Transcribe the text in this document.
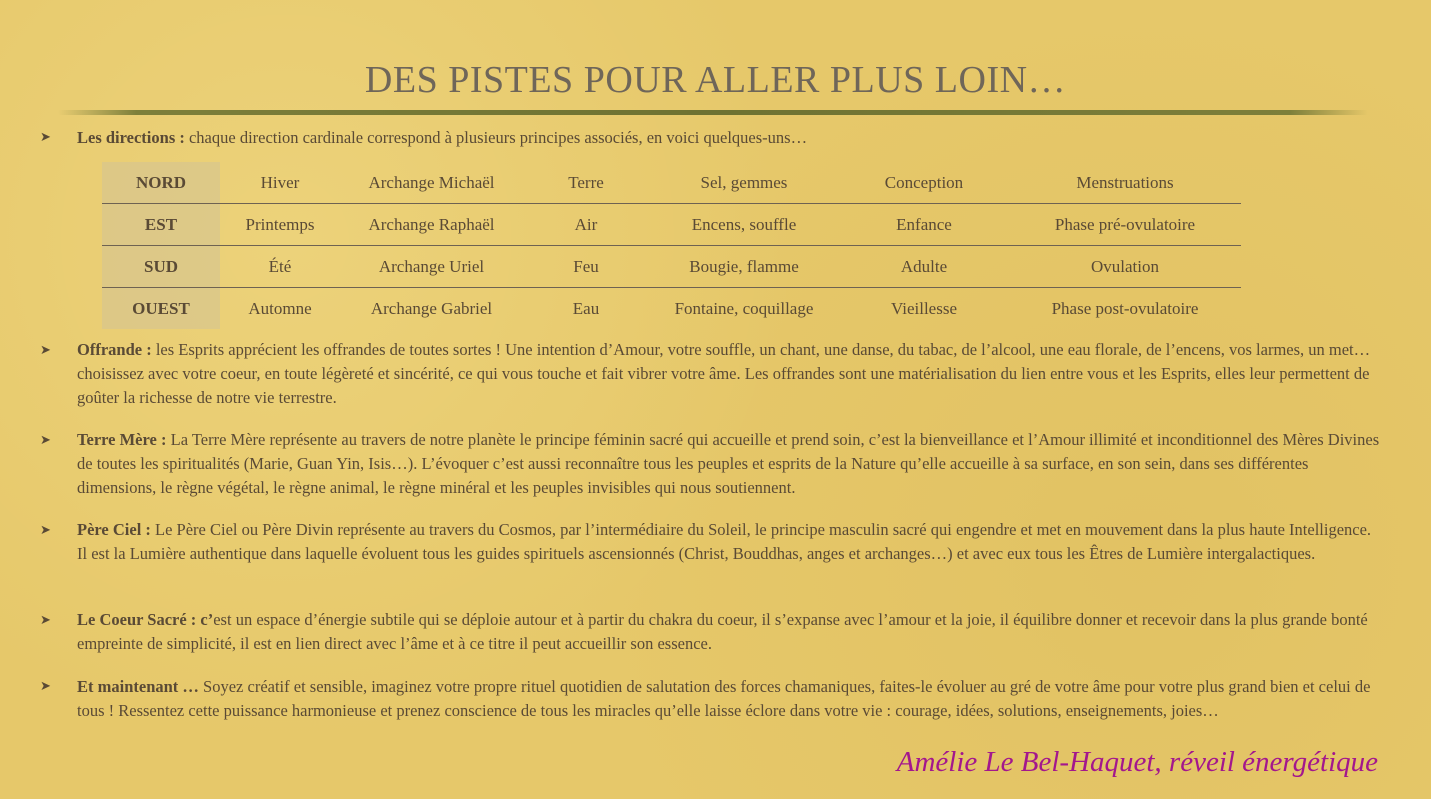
DES PISTES POUR ALLER PLUS LOIN…
➤ Les directions : chaque direction cardinale correspond à plusieurs principes associés, en voici quelques-uns…
NORD	Hiver	Archange Michaël	Terre	Sel, gemmes	Conception	Menstruations
EST	Printemps	Archange Raphaël	Air	Encens, souffle	Enfance	Phase pré-ovulatoire
SUD	Été	Archange Uriel	Feu	Bougie, flamme	Adulte	Ovulation
OUEST	Automne	Archange Gabriel	Eau	Fontaine, coquillage	Vieillesse	Phase post-ovulatoire
➤ Offrande : les Esprits apprécient les offrandes de toutes sortes ! Une intention d’Amour, votre souffle, un chant, une danse, du tabac, de l’alcool, une eau florale, de l’encens, vos larmes, un met… choisissez avec votre coeur, en toute légèreté et sincérité, ce qui vous touche et fait vibrer votre âme. Les offrandes sont une matérialisation du lien entre vous et les Esprits, elles leur permettent de goûter la richesse de notre vie terrestre.
➤ Terre Mère : La Terre Mère représente au travers de notre planète le principe féminin sacré qui accueille et prend soin, c’est la bienveillance et l’Amour illimité et inconditionnel des Mères Divines de toutes les spiritualités (Marie, Guan Yin, Isis…). L’évoquer c’est aussi reconnaître tous les peuples et esprits de la Nature qu’elle accueille à sa surface, en son sein, dans ses différentes dimensions, le règne végétal, le règne animal, le règne minéral et les peuples invisibles qui nous soutiennent.
➤ Père Ciel : Le Père Ciel ou Père Divin représente au travers du Cosmos, par l’intermédiaire du Soleil, le principe masculin sacré qui engendre et met en mouvement dans la plus haute Intelligence. Il est la Lumière authentique dans laquelle évoluent tous les guides spirituels ascensionnés (Christ, Bouddhas, anges et archanges…) et avec eux tous les Êtres de Lumière intergalactiques.
➤ Le Coeur Sacré : c’est un espace d’énergie subtile qui se déploie autour et à partir du chakra du coeur, il s’expanse avec l’amour et la joie, il équilibre donner et recevoir dans la plus grande bonté empreinte de simplicité, il est en lien direct avec l’âme et à ce titre il peut accueillir son essence.
➤ Et maintenant … Soyez créatif et sensible, imaginez votre propre rituel quotidien de salutation des forces chamaniques, faites-le évoluer au gré de votre âme pour votre plus grand bien et celui de tous ! Ressentez cette puissance harmonieuse et prenez conscience de tous les miracles qu’elle laisse éclore dans votre vie : courage, idées, solutions, enseignements, joies…
Amélie Le Bel-Haquet, réveil énergétique
